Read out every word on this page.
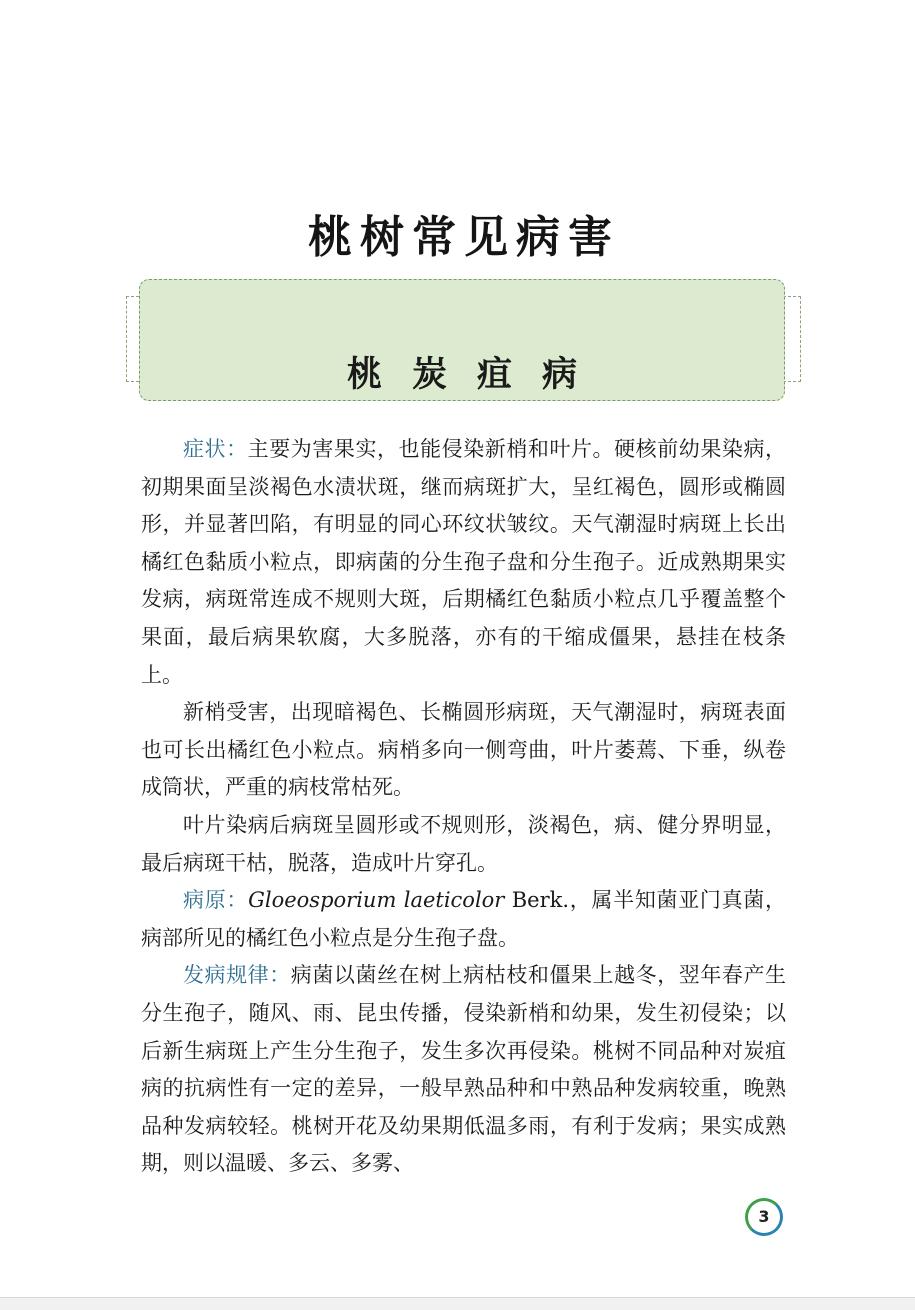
桃树常见病害
桃炭疽病

症状：主要为害果实，也能侵染新梢和叶片。硬核前幼果染病，初期果面呈淡褐色水渍状斑，继而病斑扩大，呈红褐色，圆形或椭圆形，并显著凹陷，有明显的同心环纹状皱纹。天气潮湿时病斑上长出橘红色黏质小粒点，即病菌的分生孢子盘和分生孢子。近成熟期果实发病，病斑常连成不规则大斑，后期橘红色黏质小粒点几乎覆盖整个果面，最后病果软腐，大多脱落，亦有的干缩成僵果，悬挂在枝条上。

新梢受害，出现暗褐色、长椭圆形病斑，天气潮湿时，病斑表面也可长出橘红色小粒点。病梢多向一侧弯曲，叶片萎蔫、下垂，纵卷成筒状，严重的病枝常枯死。

叶片染病后病斑呈圆形或不规则形，淡褐色，病、健分界明显，最后病斑干枯，脱落，造成叶片穿孔。

病原：Gloeosporium laeticolor Berk.，属半知菌亚门真菌，病部所见的橘红色小粒点是分生孢子盘。

发病规律：病菌以菌丝在树上病枯枝和僵果上越冬，翌年春产生分生孢子，随风、雨、昆虫传播，侵染新梢和幼果，发生初侵染；以后新生病斑上产生分生孢子，发生多次再侵染。桃树不同品种对炭疽病的抗病性有一定的差异，一般早熟品种和中熟品种发病较重，晚熟品种发病较轻。桃树开花及幼果期低温多雨，有利于发病；果实成熟期，则以温暖、多云、多雾、

3
